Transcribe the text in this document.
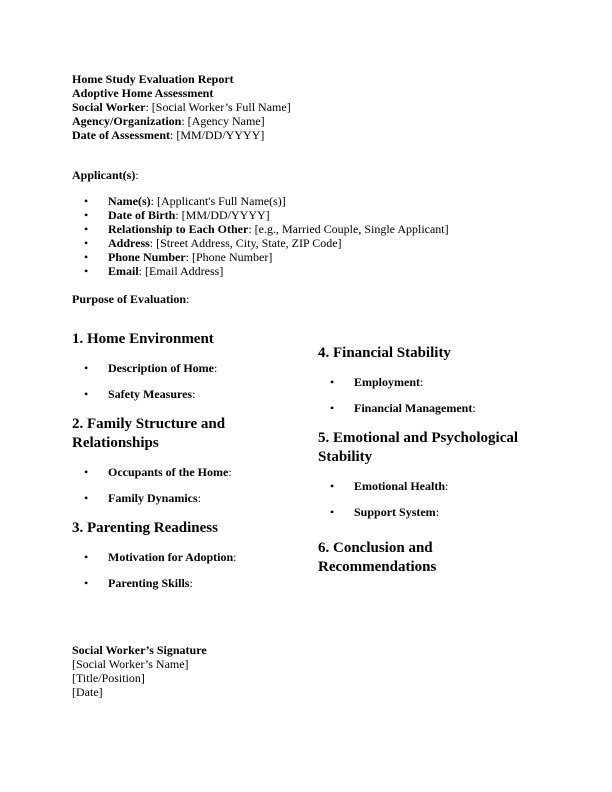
Home Study Evaluation Report
Adoptive Home Assessment
Social Worker: [Social Worker’s Full Name]
Agency/Organization: [Agency Name]
Date of Assessment: [MM/DD/YYYY]
Applicant(s):
• Name(s): [Applicant's Full Name(s)]
• Date of Birth: [MM/DD/YYYY]
• Relationship to Each Other: [e.g., Married Couple, Single Applicant]
• Address: [Street Address, City, State, ZIP Code]
• Phone Number: [Phone Number]
• Email: [Email Address]
Purpose of Evaluation:
1. Home Environment
• Description of Home:
• Safety Measures:
2. Family Structure and Relationships
• Occupants of the Home:
• Family Dynamics:
3. Parenting Readiness
• Motivation for Adoption:
• Parenting Skills:
4. Financial Stability
• Employment:
• Financial Management:
5. Emotional and Psychological Stability
• Emotional Health:
• Support System:
6. Conclusion and Recommendations
Social Worker’s Signature
[Social Worker’s Name]
[Title/Position]
[Date]
